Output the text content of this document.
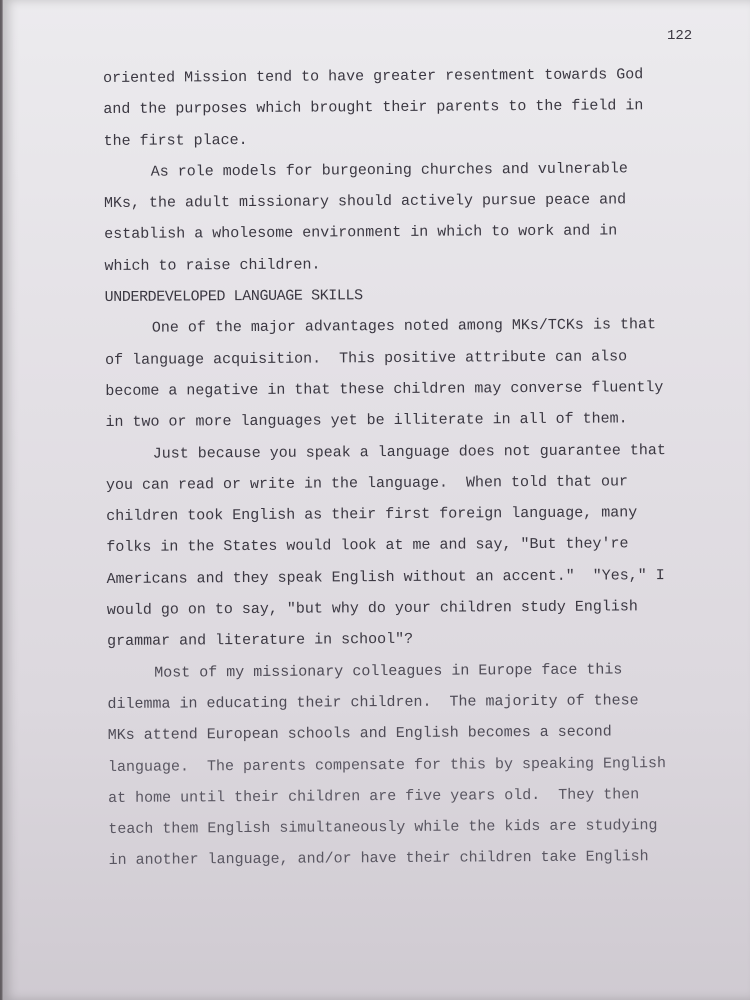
122
oriented Mission tend to have greater resentment towards God
and the purposes which brought their parents to the field in
the first place.
As role models for burgeoning churches and vulnerable
MKs, the adult missionary should actively pursue peace and
establish a wholesome environment in which to work and in
which to raise children.
UNDERDEVELOPED LANGUAGE SKILLS
One of the major advantages noted among MKs/TCKs is that
of language acquisition.  This positive attribute can also
become a negative in that these children may converse fluently
in two or more languages yet be illiterate in all of them.
Just because you speak a language does not guarantee that
you can read or write in the language.  When told that our
children took English as their first foreign language, many
folks in the States would look at me and say, "But they're
Americans and they speak English without an accent."  "Yes," I
would go on to say, "but why do your children study English
grammar and literature in school"?
Most of my missionary colleagues in Europe face this
dilemma in educating their children.  The majority of these
MKs attend European schools and English becomes a second
language.  The parents compensate for this by speaking English
at home until their children are five years old.  They then
teach them English simultaneously while the kids are studying
in another language, and/or have their children take English
